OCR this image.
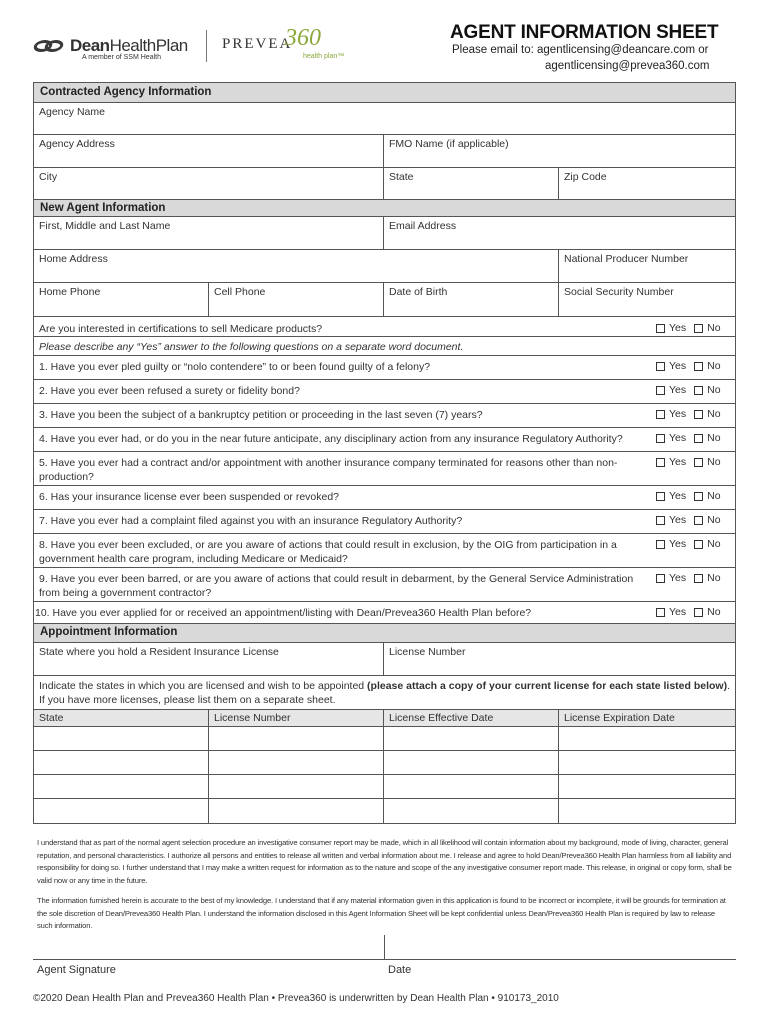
DeanHealthPlan
A member of SSM Health
PREVEA
360
health plan™
AGENT INFORMATION SHEET
Please email to: agentlicensing@deancare.com or
agentlicensing@prevea360.com
Contracted Agency Information
Agency Name
Agency Address	FMO Name (if applicable)
City	State	Zip Code
New Agent Information
First, Middle and Last Name	Email Address
Home Address	National Producer Number
Home Phone	Cell Phone	Date of Birth	Social Security Number
Are you interested in certifications to sell Medicare products?	Yes No
Please describe any “Yes” answer to the following questions on a separate word document.
1. Have you ever pled guilty or “nolo contendere” to or been found guilty of a felony?	Yes No
2. Have you ever been refused a surety or fidelity bond?	Yes No
3. Have you been the subject of a bankruptcy petition or proceeding in the last seven (7) years?	Yes No
4. Have you ever had, or do you in the near future anticipate, any disciplinary action from any insurance Regulatory Authority?	Yes No
5. Have you ever had a contract and/or appointment with another insurance company terminated for reasons other than non-production?
Yes No
6. Has your insurance license ever been suspended or revoked?	Yes No
7. Have you ever had a complaint filed against you with an insurance Regulatory Authority?	Yes No
8. Have you ever been excluded, or are you aware of actions that could result in exclusion, by the OIG from participation in a government health care program, including Medicare or Medicaid?
Yes No
9. Have you ever been barred, or are you aware of actions that could result in debarment, by the General Service Administration from being a government contractor?
Yes No
10. Have you ever applied for or received an appointment/listing with Dean/Prevea360 Health Plan before?	Yes No
Appointment Information
State where you hold a Resident Insurance License	License Number
Indicate the states in which you are licensed and wish to be appointed (please attach a copy of your current license for each state listed below). If you have more licenses, please list them on a separate sheet.
State	License Number	License Effective Date	License Expiration Date
I understand that as part of the normal agent selection procedure an investigative consumer report may be made, which in all likelihood will contain information about my background, mode of living, character, general reputation, and personal characteristics. I authorize all persons and entities to release all written and verbal information about me. I release and agree to hold Dean/Prevea360 Health Plan harmless from all liability and responsibility for doing so. I further understand that I may make a written request for information as to the nature and scope of the any investigative consumer report made. This release, in original or copy form, shall be valid now or any time in the future.
The information furnished herein is accurate to the best of my knowledge. I understand that if any material information given in this application is found to be incorrect or incomplete, it will be grounds for termination at the sole discretion of Dean/Prevea360 Health Plan. I understand the information disclosed in this Agent Information Sheet will be kept confidential unless Dean/Prevea360 Health Plan is required by law to release such information.
Agent Signature	Date
©2020 Dean Health Plan and Prevea360 Health Plan • Prevea360 is underwritten by Dean Health Plan • 910173_2010
